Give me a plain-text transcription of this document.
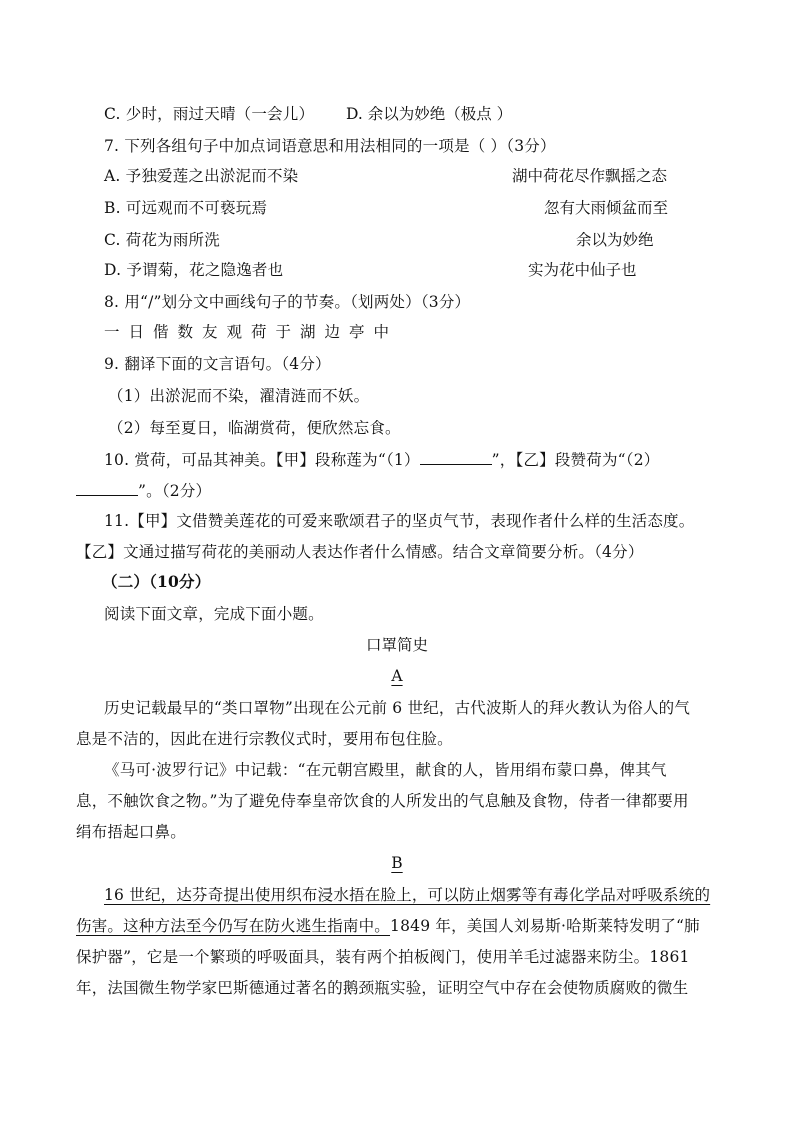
C. 少时，雨过天晴（一会儿） D. 余以为妙绝（极点 ）
7. 下列各组句子中加点词语意思和用法相同的一项是（ ）（3分）
A. 予独爱莲之出淤泥而不染	湖中荷花尽作飘摇之态
B. 可远观而不可亵玩焉	忽有大雨倾盆而至
C. 荷花为雨所洗	余以为妙绝
D. 予谓菊，花之隐逸者也	实为花中仙子也
8. 用“/”划分文中画线句子的节奏。（划两处）（3分）
一日偕数友观荷于湖边亭中
9. 翻译下面的文言语句。（4分）
（1）出淤泥而不染，濯清涟而不妖。
（2）每至夏日，临湖赏荷，便欣然忘食。
10. 赏荷，可品其神美。【甲】段称莲为“（1）	”，【乙】段赞荷为“（2）
”。（2分）
11.【甲】文借赞美莲花的可爱来歌颂君子的坚贞气节，表现作者什么样的生活态度。
【乙】文通过描写荷花的美丽动人表达作者什么情感。结合文章简要分析。（4分）
（二）（10分）
阅读下面文章，完成下面小题。
口罩简史
A
历史记载最早的“类口罩物”出现在公元前 6 世纪，古代波斯人的拜火教认为俗人的气
息是不洁的，因此在进行宗教仪式时，要用布包住脸。
《马可·波罗行记》中记载：“在元朝宫殿里，献食的人，皆用绢布蒙口鼻，俾其气
息，不触饮食之物。”为了避免侍奉皇帝饮食的人所发出的气息触及食物，侍者一律都要用
绢布捂起口鼻。
B
16 世纪，达芬奇提出使用织布浸水捂在脸上，可以防止烟雾等有毒化学品对呼吸系统的
伤害。这种方法至今仍写在防火逃生指南中。1849 年，美国人刘易斯·哈斯莱特发明了“肺
保护器”，它是一个繁琐的呼吸面具，装有两个拍板阀门，使用羊毛过滤器来防尘。1861
年，法国微生物学家巴斯德通过著名的鹅颈瓶实验，证明空气中存在会使物质腐败的微生
